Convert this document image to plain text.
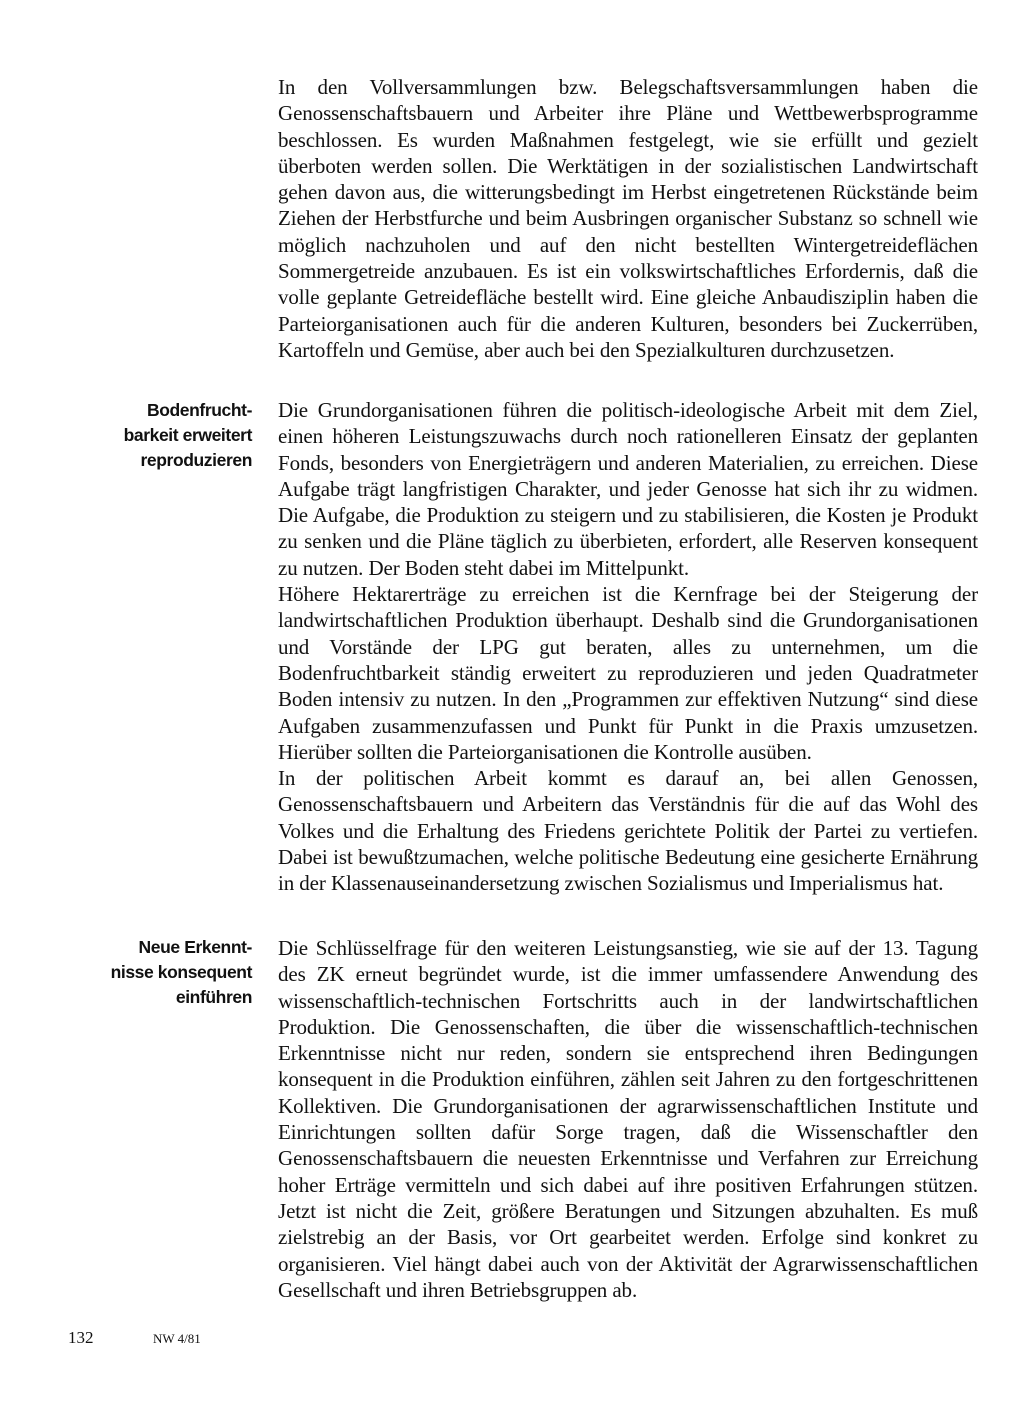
In den Vollversammlungen bzw. Belegschaftsversammlungen haben die Genossenschaftsbauern und Arbeiter ihre Pläne und Wettbewerbsprogramme beschlossen. Es wurden Maßnahmen festgelegt, wie sie erfüllt und gezielt überboten werden sollen. Die Werktätigen in der sozialistischen Landwirtschaft gehen davon aus, die witterungsbedingt im Herbst eingetretenen Rückstände beim Ziehen der Herbstfurche und beim Ausbringen organischer Substanz so schnell wie möglich nachzuholen und auf den nicht bestellten Wintergetreideflächen Sommergetreide anzubauen. Es ist ein volkswirtschaftliches Erfordernis, daß die volle geplante Getreidefläche bestellt wird. Eine gleiche Anbaudisziplin haben die Parteiorganisationen auch für die anderen Kulturen, besonders bei Zuckerrüben, Kartoffeln und Gemüse, aber auch bei den Spezialkulturen durchzusetzen.

Bodenfrucht-
barkeit erweitert
reproduzieren

Die Grundorganisationen führen die politisch-ideologische Arbeit mit dem Ziel, einen höheren Leistungszuwachs durch noch rationelleren Einsatz der geplanten Fonds, besonders von Energieträgern und anderen Materialien, zu erreichen. Diese Aufgabe trägt langfristigen Charakter, und jeder Genosse hat sich ihr zu widmen. Die Aufgabe, die Produktion zu steigern und zu stabilisieren, die Kosten je Produkt zu senken und die Pläne täglich zu überbieten, erfordert, alle Reserven konsequent zu nutzen. Der Boden steht dabei im Mittelpunkt.

Höhere Hektarerträge zu erreichen ist die Kernfrage bei der Steigerung der landwirtschaftlichen Produktion überhaupt. Deshalb sind die Grundorganisationen und Vorstände der LPG gut beraten, alles zu unternehmen, um die Bodenfruchtbarkeit ständig erweitert zu reproduzieren und jeden Quadratmeter Boden intensiv zu nutzen. In den „Programmen zur effektiven Nutzung“ sind diese Aufgaben zusammenzufassen und Punkt für Punkt in die Praxis umzusetzen. Hierüber sollten die Parteiorganisationen die Kontrolle ausüben.

In der politischen Arbeit kommt es darauf an, bei allen Genossen, Genossenschaftsbauern und Arbeitern das Verständnis für die auf das Wohl des Volkes und die Erhaltung des Friedens gerichtete Politik der Partei zu vertiefen. Dabei ist bewußtzumachen, welche politische Bedeutung eine gesicherte Ernährung in der Klassenauseinandersetzung zwischen Sozialismus und Imperialismus hat.

Neue Erkennt-
nisse konsequent
einführen

Die Schlüsselfrage für den weiteren Leistungsanstieg, wie sie auf der 13. Tagung des ZK erneut begründet wurde, ist die immer umfassendere Anwendung des wissenschaftlich-technischen Fortschritts auch in der landwirtschaftlichen Produktion. Die Genossenschaften, die über die wissenschaftlich-technischen Erkenntnisse nicht nur reden, sondern sie entsprechend ihren Bedingungen konsequent in die Produktion einführen, zählen seit Jahren zu den fortgeschrittenen Kollektiven. Die Grundorganisationen der agrarwissenschaftlichen Institute und Einrichtungen sollten dafür Sorge tragen, daß die Wissenschaftler den Genossenschaftsbauern die neuesten Erkenntnisse und Verfahren zur Erreichung hoher Erträge vermitteln und sich dabei auf ihre positiven Erfahrungen stützen. Jetzt ist nicht die Zeit, größere Beratungen und Sitzungen abzuhalten. Es muß zielstrebig an der Basis, vor Ort gearbeitet werden. Erfolge sind konkret zu organisieren. Viel hängt dabei auch von der Aktivität der Agrarwissenschaftlichen Gesellschaft und ihren Betriebsgruppen ab.

132	NW 4/81
